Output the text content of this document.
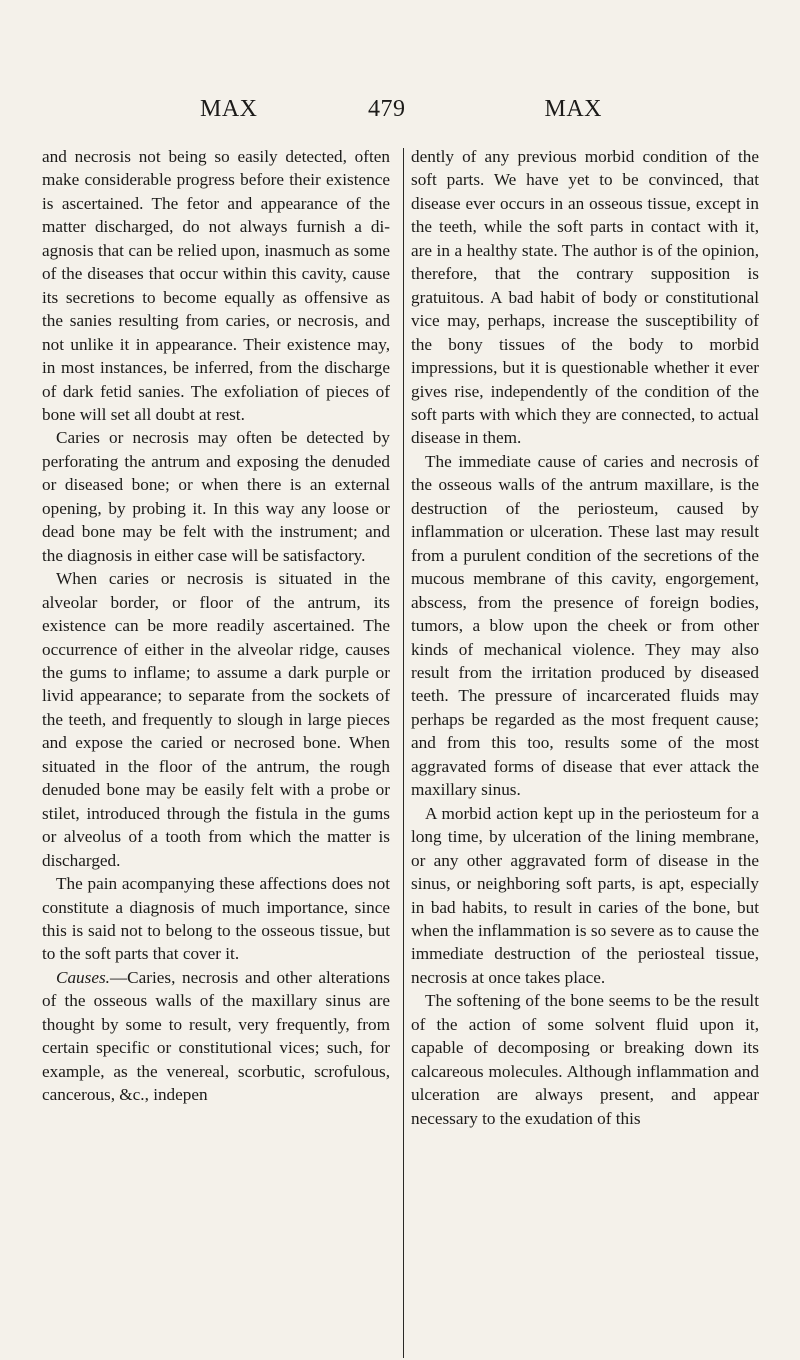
MAX	479	MAX

and necrosis not being so easily detected, often make considerable progress before their existence is ascertained. The fetor and appearance of the matter discharged, do not always furnish a diagnosis that can be relied upon, inasmuch as some of the diseases that occur within this cavity, cause its secretions to become equally as offensive as the sanies resulting from caries, or necrosis, and not unlike it in appearance. Their existence may, in most instances, be inferred, from the discharge of dark fetid sanies. The exfoliation of pieces of bone will set all doubt at rest.

Caries or necrosis may often be detected by perforating the antrum and exposing the denuded or diseased bone; or when there is an external opening, by probing it. In this way any loose or dead bone may be felt with the instrument; and the diagnosis in either case will be satisfactory.

When caries or necrosis is situated in the alveolar border, or floor of the antrum, its existence can be more readily ascertained. The occurrence of either in the alveolar ridge, causes the gums to inflame; to assume a dark purple or livid appearance; to separate from the sockets of the teeth, and frequently to slough in large pieces and expose the caried or necrosed bone. When situated in the floor of the antrum, the rough denuded bone may be easily felt with a probe or stilet, introduced through the fistula in the gums or alveolus of a tooth from which the matter is discharged.

The pain acompanying these affections does not constitute a diagnosis of much importance, since this is said not to belong to the osseous tissue, but to the soft parts that cover it.

Causes.—Caries, necrosis and other alterations of the osseous walls of the maxillary sinus are thought by some to result, very frequently, from certain specific or constitutional vices; such, for example, as the venereal, scorbutic, scrofulous, cancerous, &c., indepen

dently of any previous morbid condition of the soft parts. We have yet to be convinced, that disease ever occurs in an osseous tissue, except in the teeth, while the soft parts in contact with it, are in a healthy state. The author is of the opinion, therefore, that the contrary supposition is gratuitous. A bad habit of body or constitutional vice may, perhaps, increase the susceptibility of the bony tissues of the body to morbid impressions, but it is questionable whether it ever gives rise, independently of the condition of the soft parts with which they are connected, to actual disease in them.

The immediate cause of caries and necrosis of the osseous walls of the antrum maxillare, is the destruction of the periosteum, caused by inflammation or ulceration. These last may result from a purulent condition of the secretions of the mucous membrane of this cavity, engorgement, abscess, from the presence of foreign bodies, tumors, a blow upon the cheek or from other kinds of mechanical violence. They may also result from the irritation produced by diseased teeth. The pressure of incarcerated fluids may perhaps be regarded as the most frequent cause; and from this too, results some of the most aggravated forms of disease that ever attack the maxillary sinus.

A morbid action kept up in the periosteum for a long time, by ulceration of the lining membrane, or any other aggravated form of disease in the sinus, or neighboring soft parts, is apt, especially in bad habits, to result in caries of the bone, but when the inflammation is so severe as to cause the immediate destruction of the periosteal tissue, necrosis at once takes place.

The softening of the bone seems to be the result of the action of some solvent fluid upon it, capable of decomposing or breaking down its calcareous molecules. Although inflammation and ulceration are always present, and appear necessary to the exudation of this
